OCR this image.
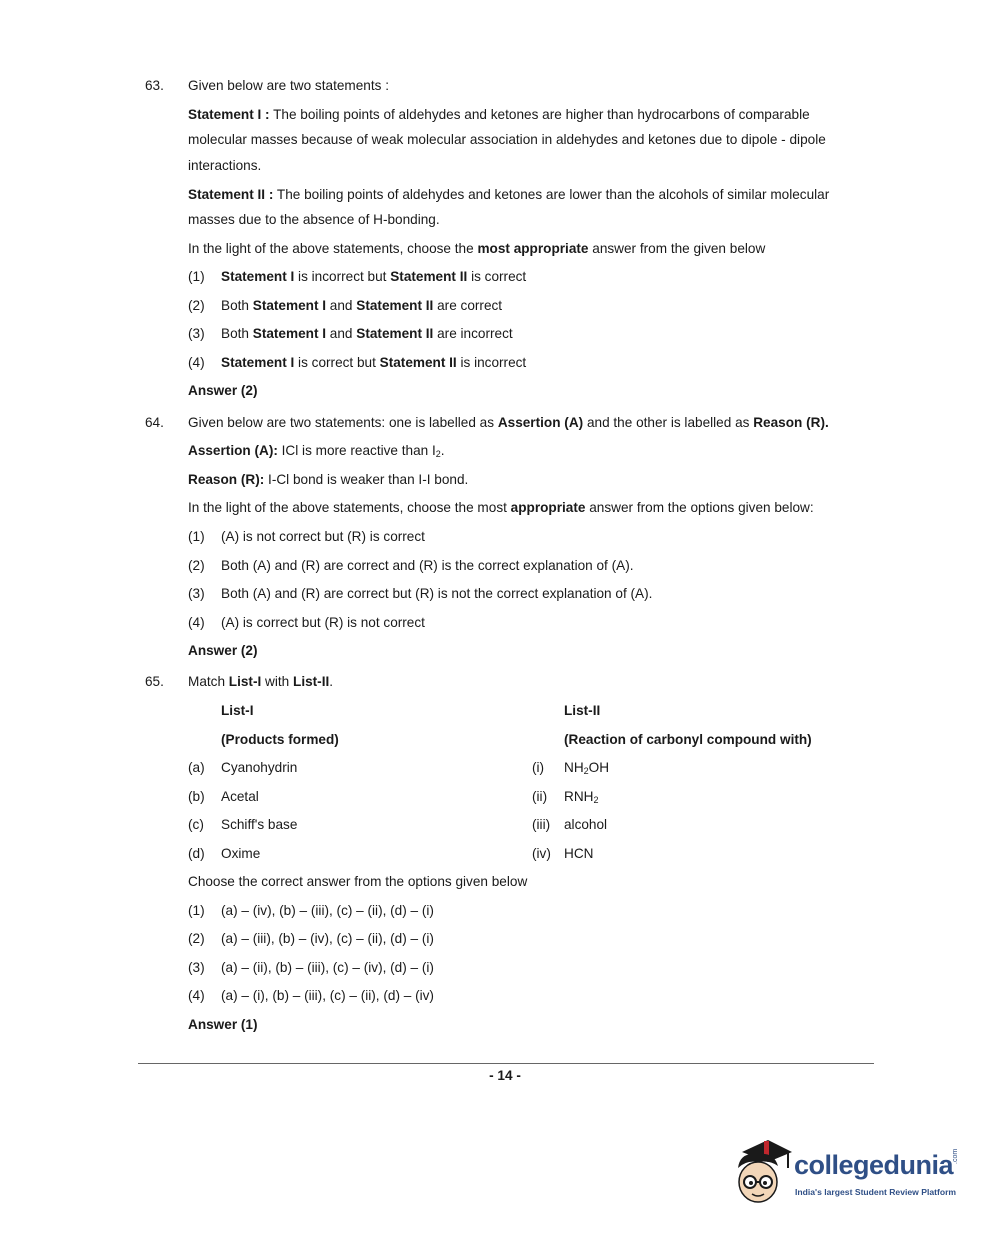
63. Given below are two statements :
Statement I : The boiling points of aldehydes and ketones are higher than hydrocarbons of comparable
molecular masses because of weak molecular association in aldehydes and ketones due to dipole - dipole
interactions.
Statement II : The boiling points of aldehydes and ketones are lower than the alcohols of similar molecular
masses due to the absence of H-bonding.
In the light of the above statements, choose the most appropriate answer from the given below
(1) Statement I is incorrect but Statement II is correct
(2) Both Statement I and Statement II are correct
(3) Both Statement I and Statement II are incorrect
(4) Statement I is correct but Statement II is incorrect
Answer (2)
64. Given below are two statements: one is labelled as Assertion (A) and the other is labelled as Reason (R).
Assertion (A): ICl is more reactive than $I_2$.
Reason (R): I-Cl bond is weaker than I-I bond.
In the light of the above statements, choose the most appropriate answer from the options given below:
(1) (A) is not correct but (R) is correct
(2) Both (A) and (R) are correct and (R) is the correct explanation of (A).
(3) Both (A) and (R) are correct but (R) is not the correct explanation of (A).
(4) (A) is correct but (R) is not correct
Answer (2)
65. Match List-I with List-II.
List-I	List-II
(Products formed)	(Reaction of carbonyl compound with)
(a) Cyanohydrin	(i) $NH_2OH$
(b) Acetal	(ii) $RNH_2$
(c) Schiff's base	(iii) alcohol
(d) Oxime	(iv) HCN
Choose the correct answer from the options given below
(1) (a) – (iv), (b) – (iii), (c) – (ii), (d) – (i)
(2) (a) – (iii), (b) – (iv), (c) – (ii), (d) – (i)
(3) (a) – (ii), (b) – (iii), (c) – (iv), (d) – (i)
(4) (a) – (i), (b) – (iii), (c) – (ii), (d) – (iv)
Answer (1)
- 14 -
collegedunia
.com
India's largest Student Review Platform
